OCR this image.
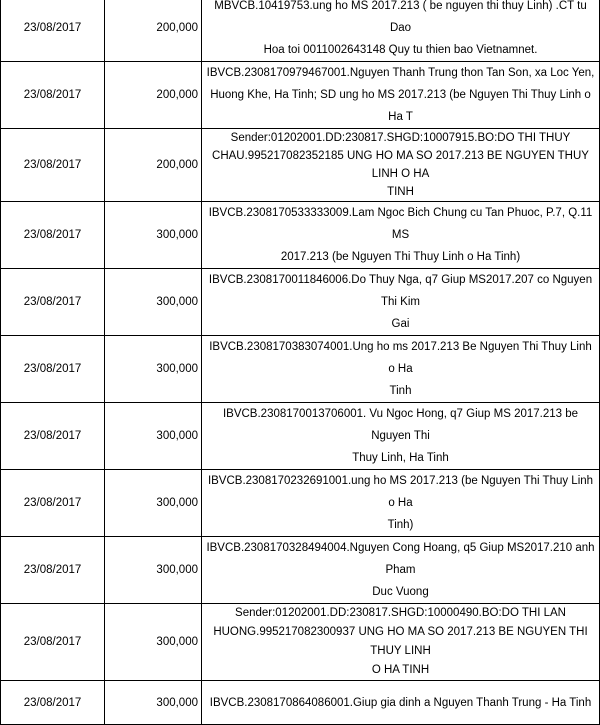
23/08/2017	200,000	MBVCB.10419753.ung ho MS 2017.213 ( be nguyen thi thuy Linh) .CT tu Dao
Hoa toi 0011002643148 Quy tu thien bao Vietnamnet.
23/08/2017	200,000	IBVCB.2308170979467001.Nguyen Thanh Trung thon Tan Son, xa Loc Yen,
Huong Khe, Ha Tinh; SD ung ho MS 2017.213 (be Nguyen Thi Thuy Linh o Ha T
23/08/2017	200,000	Sender:01202001.DD:230817.SHGD:10007915.BO:DO THI THUY
CHAU.995217082352185 UNG HO MA SO 2017.213 BE NGUYEN THUY LINH O HA
TINH
23/08/2017	300,000	IBVCB.2308170533333009.Lam Ngoc Bich Chung cu Tan Phuoc, P.7, Q.11 MS
2017.213 (be Nguyen Thi Thuy Linh o Ha Tinh)
23/08/2017	300,000	IBVCB.2308170011846006.Do Thuy Nga, q7 Giup MS2017.207 co Nguyen Thi Kim
Gai
23/08/2017	300,000	IBVCB.2308170383074001.Ung ho ms 2017.213 Be Nguyen Thi Thuy Linh o Ha
Tinh
23/08/2017	300,000	IBVCB.2308170013706001. Vu Ngoc Hong, q7 Giup MS 2017.213 be Nguyen Thi
Thuy Linh, Ha Tinh
23/08/2017	300,000	IBVCB.2308170232691001.ung ho MS 2017.213 (be Nguyen Thi Thuy Linh o Ha
Tinh)
23/08/2017	300,000	IBVCB.2308170328494004.Nguyen Cong Hoang, q5 Giup MS2017.210 anh Pham
Duc Vuong
23/08/2017	300,000	Sender:01202001.DD:230817.SHGD:10000490.BO:DO THI LAN
HUONG.995217082300937 UNG HO MA SO 2017.213 BE NGUYEN THI THUY LINH
O HA TINH
23/08/2017	300,000	IBVCB.2308170864086001.Giup gia dinh a Nguyen Thanh Trung - Ha Tinh
